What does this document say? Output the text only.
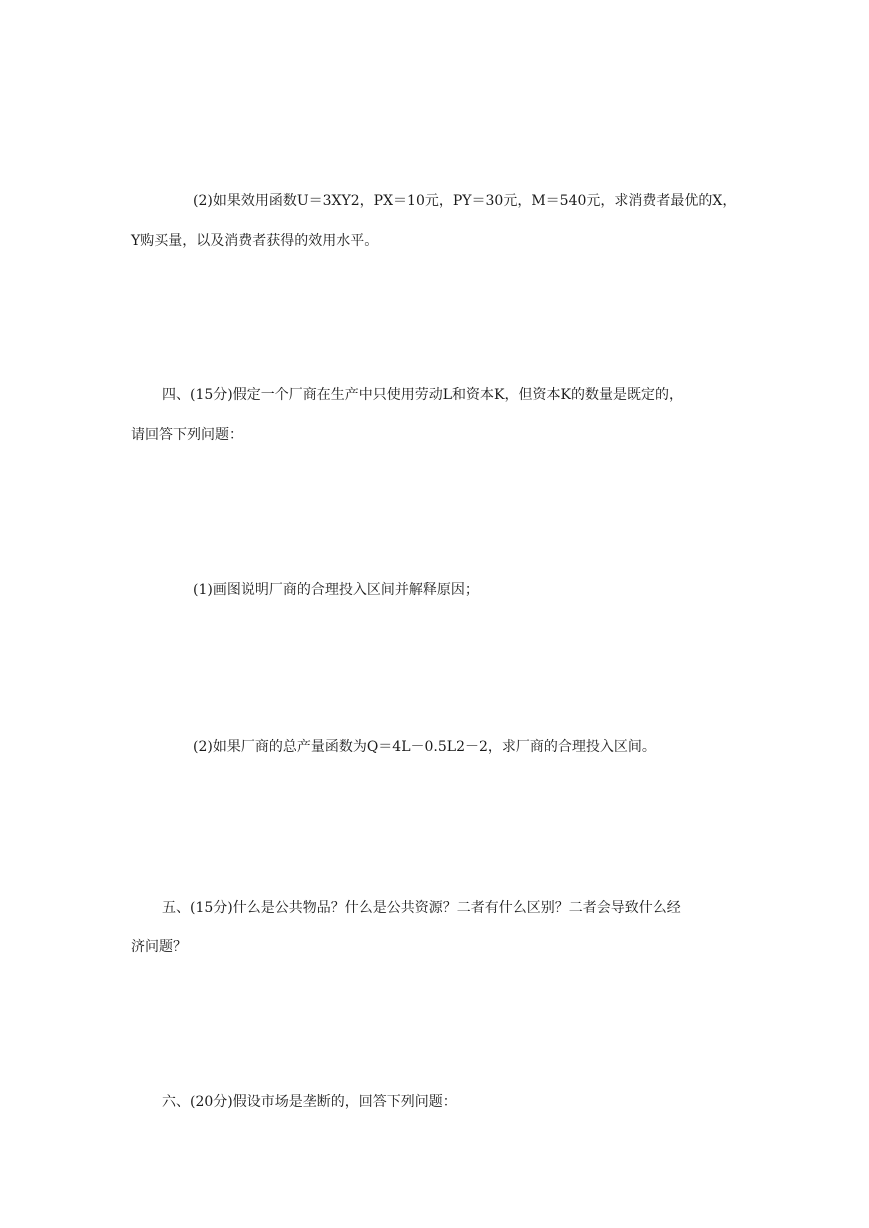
(2)如果效用函数U＝3XY2，PX＝10元，PY＝30元，M＝540元，求消费者最优的X，

Y购买量，以及消费者获得的效用水平。

四、(15分)假定一个厂商在生产中只使用劳动L和资本K，但资本K的数量是既定的，

请回答下列问题：

(1)画图说明厂商的合理投入区间并解释原因；

(2)如果厂商的总产量函数为Q＝4L－0.5L2－2，求厂商的合理投入区间。

五、(15分)什么是公共物品？什么是公共资源？二者有什么区别？二者会导致什么经

济问题？

六、(20分)假设市场是垄断的，回答下列问题：
